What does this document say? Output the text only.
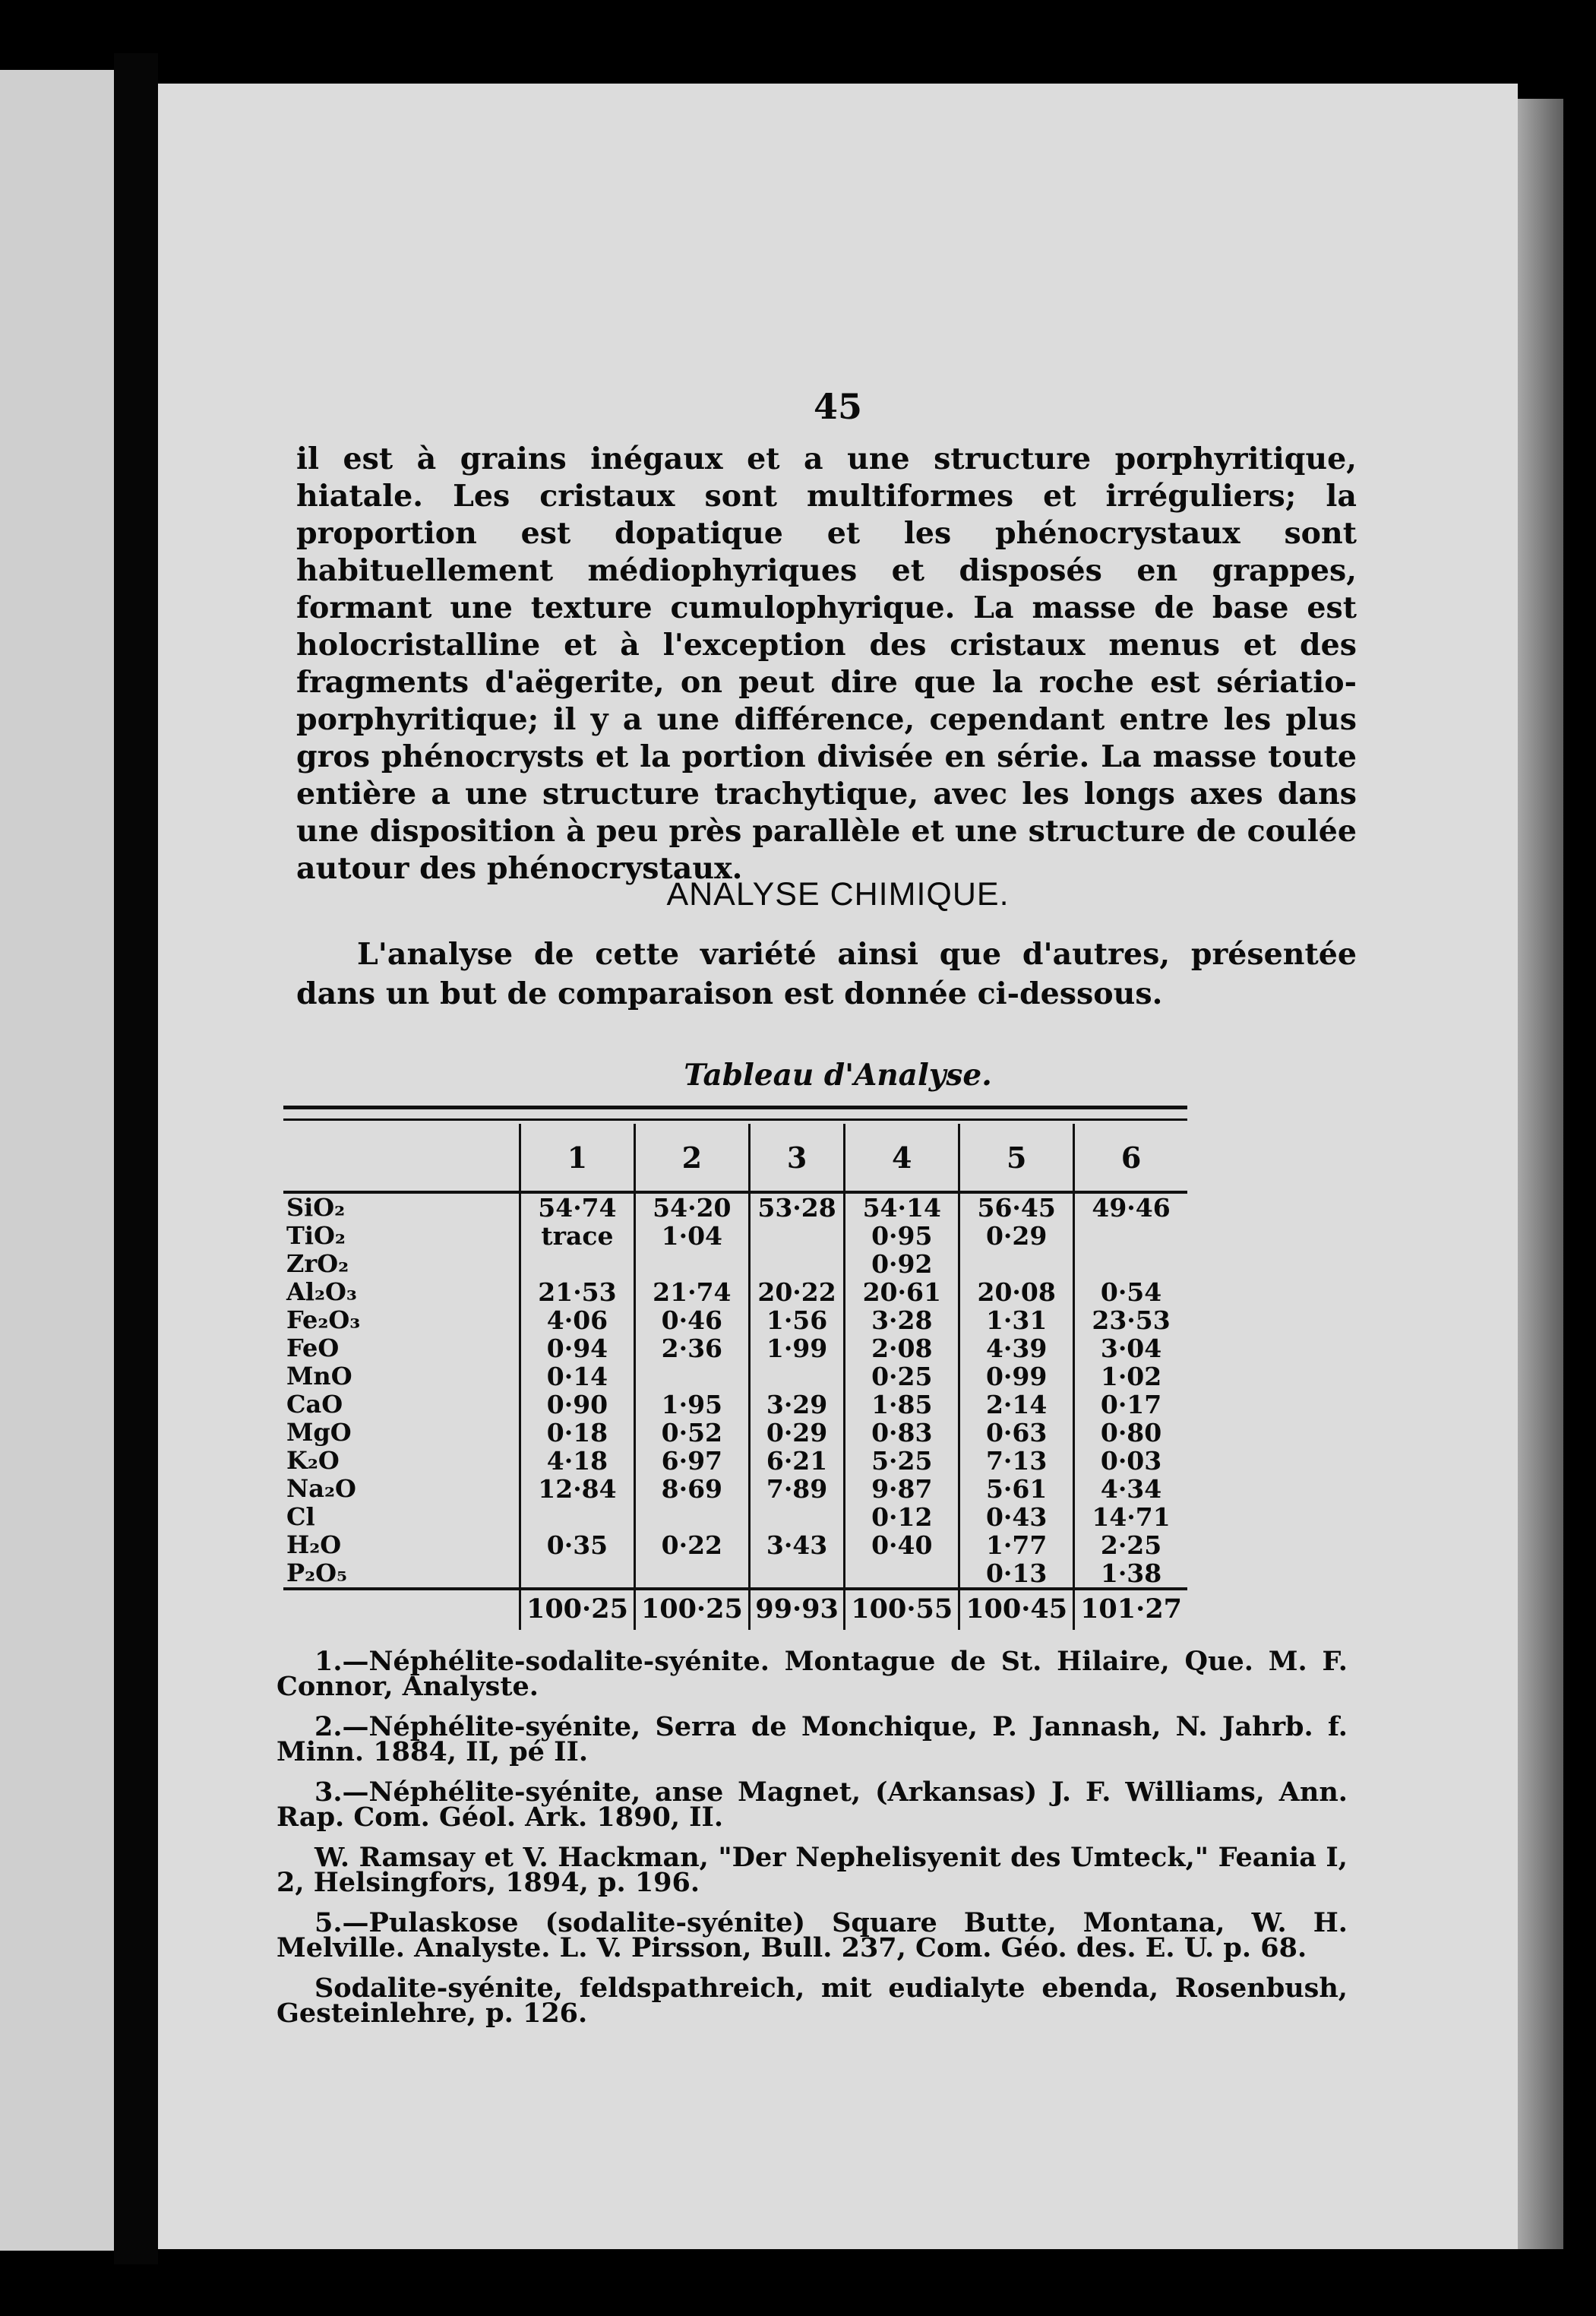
45
il est à grains inégaux et a une structure porphyritique, hiatale. Les cristaux sont multiformes et irréguliers; la proportion est dopatique et les phénocrystaux sont habituellement médiophyriques et disposés en grappes, formant une texture cumulophyrique. La masse de base est holocristalline et à l'exception des cristaux menus et des fragments d'aëgerite, on peut dire que la roche est sériatio-porphyritique; il y a une différence, cependant entre les plus gros phénocrysts et la portion divisée en série. La masse toute entière a une structure trachytique, avec les longs axes dans une disposition à peu près parallèle et une structure de coulée autour des phénocrystaux.
ANALYSE CHIMIQUE.

L'analyse de cette variété ainsi que d'autres, présentée dans un but de comparaison est donnée ci-dessous.

Tableau d'Analyse.
	1	2	3	4	5	6
SiO₂	54·74	54·20	53·28	54·14	56·45	49·46
TiO₂	trace	1·04		0·95	0·29	
ZrO₂				0·92		
Al₂O₃	21·53	21·74	20·22	20·61	20·08	0·54
Fe₂O₃	4·06	0·46	1·56	3·28	1·31	23·53
FeO	0·94	2·36	1·99	2·08	4·39	3·04
MnO	0·14			0·25	0·99	1·02
CaO	0·90	1·95	3·29	1·85	2·14	0·17
MgO	0·18	0·52	0·29	0·83	0·63	0·80
K₂O	4·18	6·97	6·21	5·25	7·13	0·03
Na₂O	12·84	8·69	7·89	9·87	5·61	4·34
Cl				0·12	0·43	14·71
H₂O	0·35	0·22	3·43	0·40	1·77	2·25
P₂O₅					0·13	1·38
	100·25	100·25	99·93	100·55	100·45	101·27

1.—Néphélite-sodalite-syénite. Montague de St. Hilaire, Que. M. F. Connor, Analyste.

2.—Néphélite-syénite, Serra de Monchique, P. Jannash, N. Jahrb. f. Minn. 1884, II, pé II.

3.—Néphélite-syénite, anse Magnet, (Arkansas) J. F. Williams, Ann. Rap. Com. Géol. Ark. 1890, II.

W. Ramsay et V. Hackman, "Der Nephelisyenit des Umteck," Feania I, 2, Helsingfors, 1894, p. 196.

5.—Pulaskose (sodalite-syénite) Square Butte, Montana, W. H. Melville. Analyste. L. V. Pirsson, Bull. 237, Com. Géo. des. E. U. p. 68.

Sodalite-syénite, feldspathreich, mit eudialyte ebenda, Rosenbush, Gesteinlehre, p. 126.
